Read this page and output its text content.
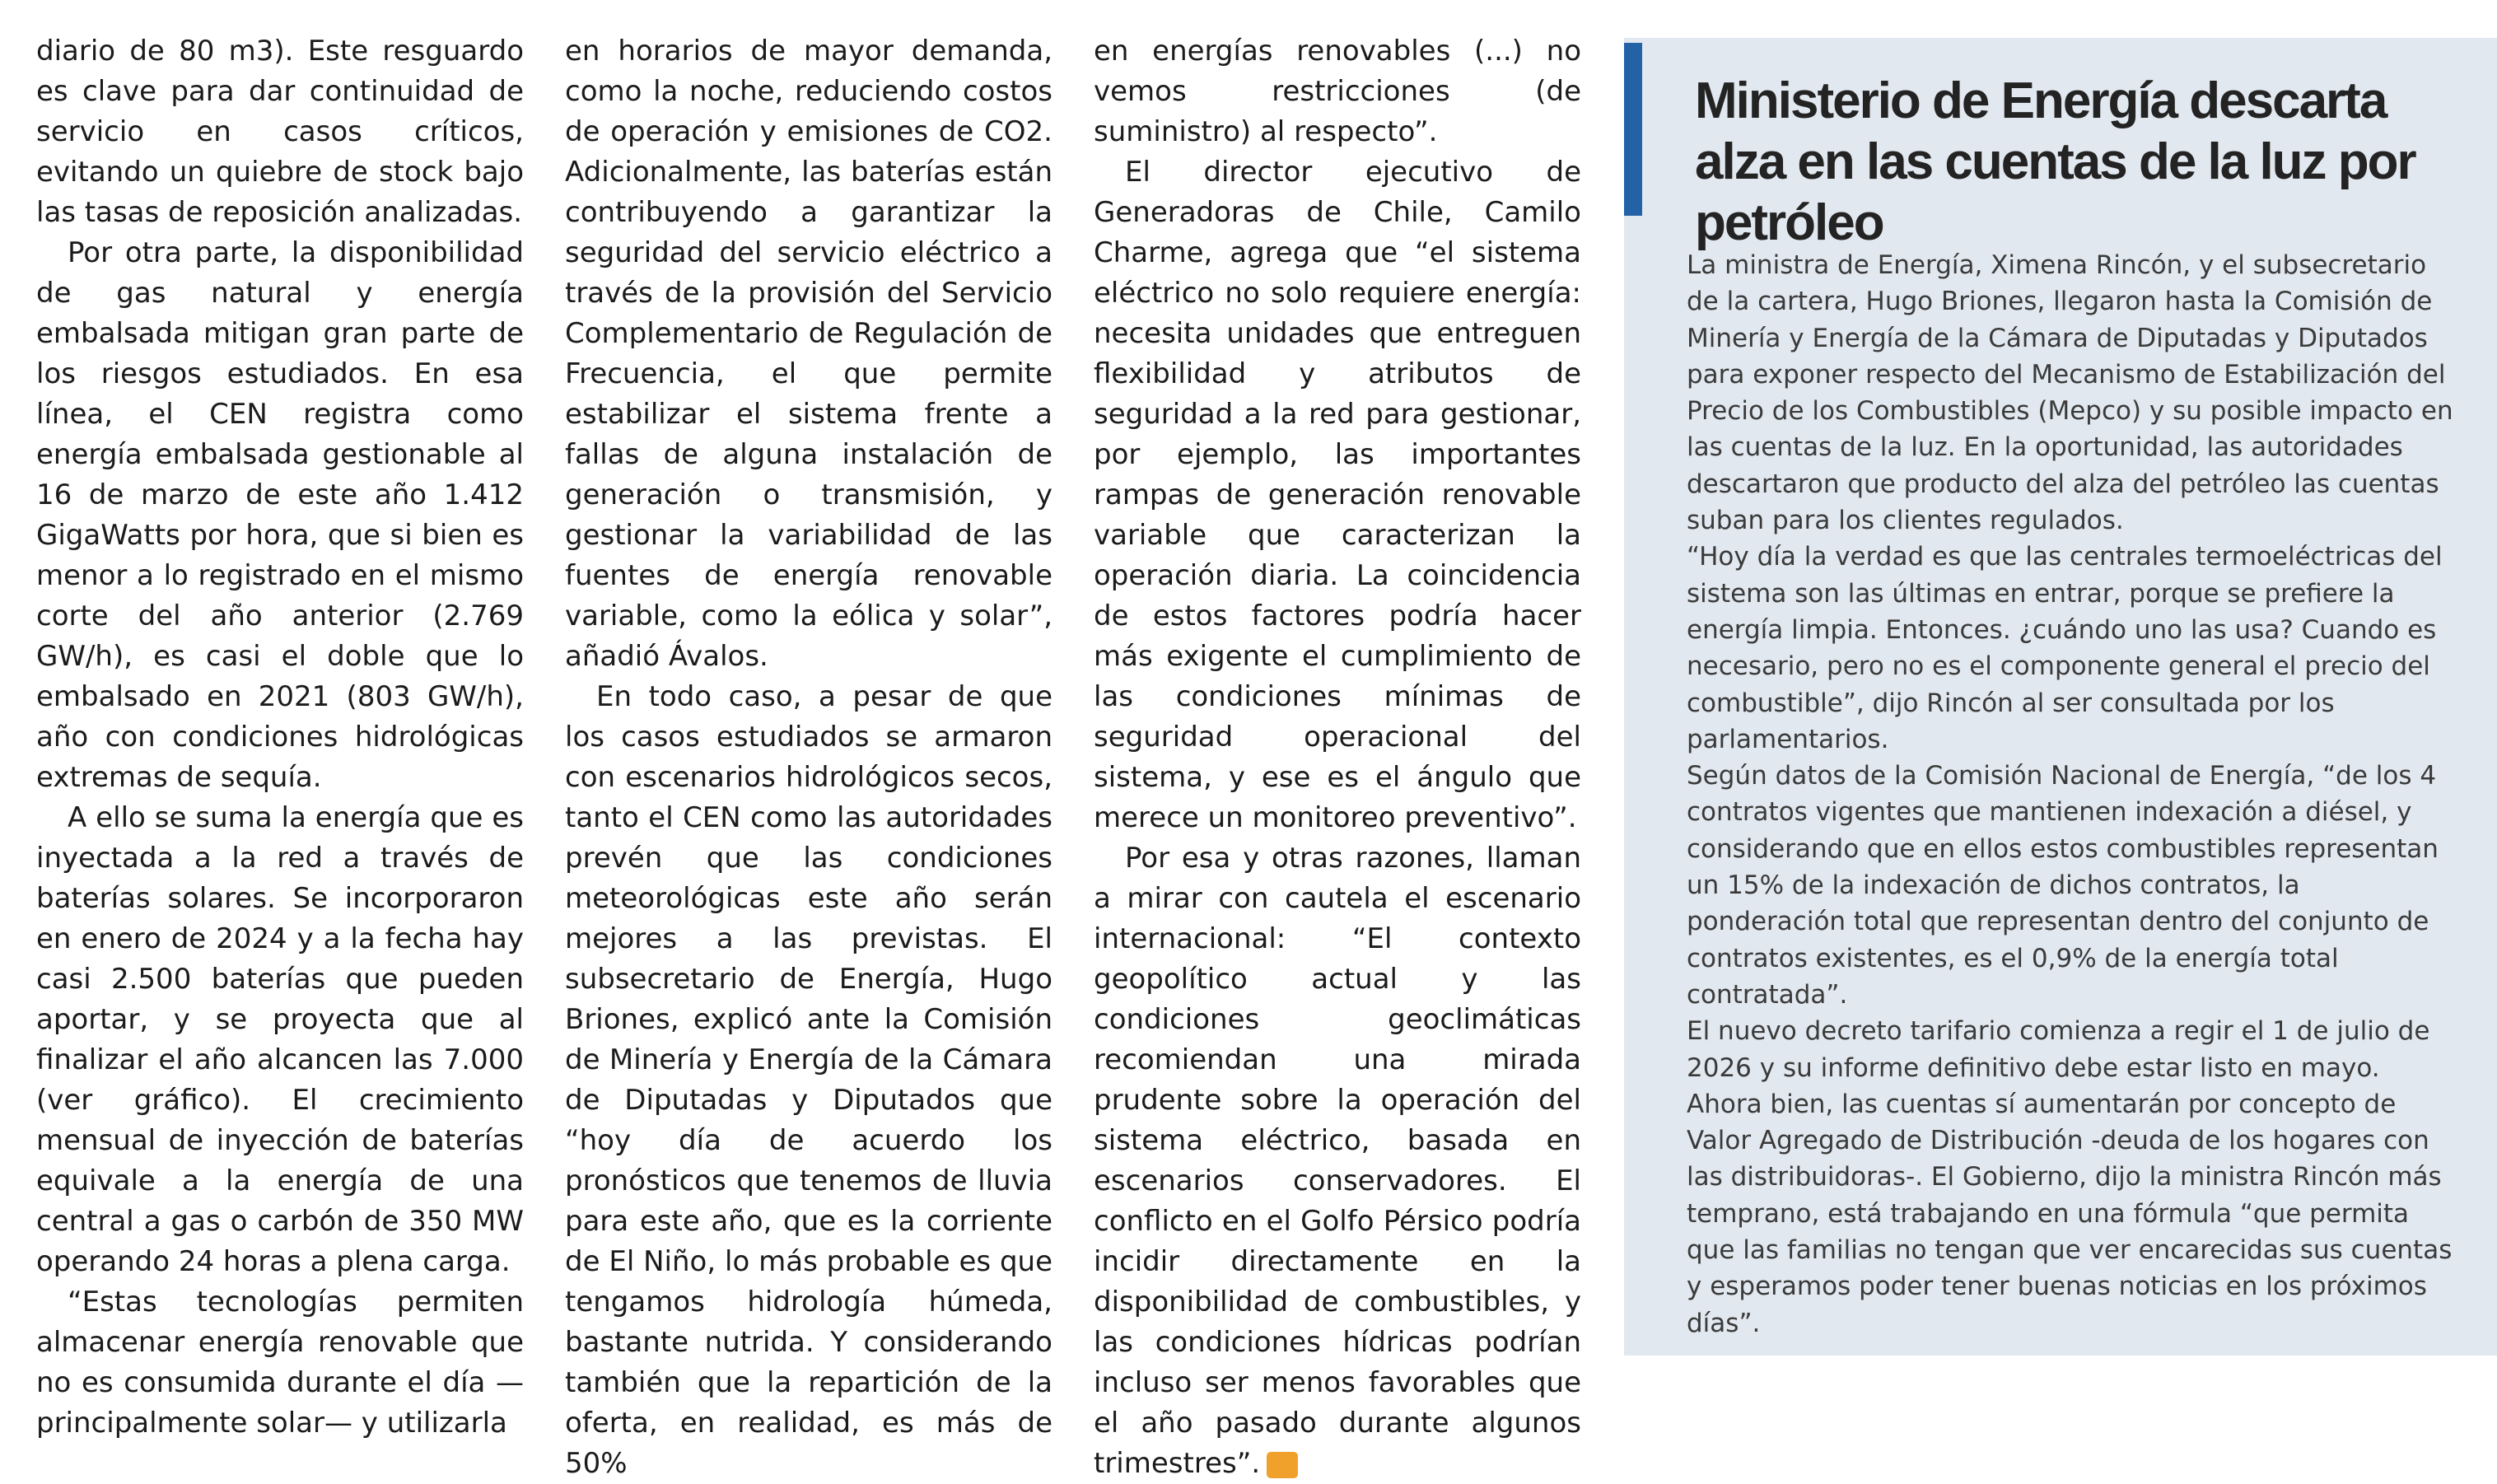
diario de 80 m3). Este resguardo es clave para dar continuidad de servicio en casos críticos, evitando un quiebre de stock bajo las tasas de reposición analizadas.

Por otra parte, la disponibilidad de gas natural y energía embalsada mitigan gran parte de los riesgos estudiados. En esa línea, el CEN registra como energía embalsada gestionable al 16 de marzo de este año 1.412 GigaWatts por hora, que si bien es menor a lo registrado en el mismo corte del año anterior (2.769 GW/h), es casi el doble que lo embalsado en 2021 (803 GW/h), año con condiciones hidrológicas extremas de sequía.

A ello se suma la energía que es inyectada a la red a través de baterías solares. Se incorporaron en enero de 2024 y a la fecha hay casi 2.500 baterías que pueden aportar, y se proyecta que al finalizar el año alcancen las 7.000 (ver gráfico). El crecimiento mensual de inyección de baterías equivale a la energía de una central a gas o carbón de 350 MW operando 24 horas a plena carga.

“Estas tecnologías permiten almacenar energía renovable que no es consumida durante el día — principalmente solar— y utilizarla

en horarios de mayor demanda, como la noche, reduciendo costos de operación y emisiones de CO2. Adicionalmente, las baterías están contribuyendo a garantizar la seguridad del servicio eléctrico a través de la provisión del Servicio Complementario de Regulación de Frecuencia, el que permite estabilizar el sistema frente a fallas de alguna instalación de generación o transmisión, y gestionar la variabilidad de las fuentes de energía renovable variable, como la eólica y solar”, añadió Ávalos.

En todo caso, a pesar de que los casos estudiados se armaron con escenarios hidrológicos secos, tanto el CEN como las autoridades prevén que las condiciones meteorológicas este año serán mejores a las previstas. El subsecretario de Energía, Hugo Briones, explicó ante la Comisión de Minería y Energía de la Cámara de Diputadas y Diputados que “hoy día de acuerdo los pronósticos que tenemos de lluvia para este año, que es la corriente de El Niño, lo más probable es que tengamos hidrología húmeda, bastante nutrida. Y considerando también que la repartición de la oferta, en realidad, es más de 50%

en energías renovables (...) no vemos restricciones (de suministro) al respecto”.

El director ejecutivo de Generadoras de Chile, Camilo Charme, agrega que “el sistema eléctrico no solo requiere energía: necesita unidades que entreguen flexibilidad y atributos de seguridad a la red para gestionar, por ejemplo, las importantes rampas de generación renovable variable que caracterizan la operación diaria. La coincidencia de estos factores podría hacer más exigente el cumplimiento de las condiciones mínimas de seguridad operacional del sistema, y ese es el ángulo que merece un monitoreo preventivo”.

Por esa y otras razones, llaman a mirar con cautela el escenario internacional: “El contexto geopolítico actual y las condiciones geoclimáticas recomiendan una mirada prudente sobre la operación del sistema eléctrico, basada en escenarios conservadores. El conflicto en el Golfo Pérsico podría incidir directamente en la disponibilidad de combustibles, y las condiciones hídricas podrían incluso ser menos favorables que el año pasado durante algunos trimestres”. S

Ministerio de Energía descarta alza en las cuentas de la luz por petróleo

La ministra de Energía, Ximena Rincón, y el subsecretario de la cartera, Hugo Briones, llegaron hasta la Comisión de Minería y Energía de la Cámara de Diputadas y Diputados para exponer respecto del Mecanismo de Estabilización del Precio de los Combustibles (Mepco) y su posible impacto en las cuentas de la luz. En la oportunidad, las autoridades descartaron que producto del alza del petróleo las cuentas suban para los clientes regulados.

“Hoy día la verdad es que las centrales termoeléctricas del sistema son las últimas en entrar, porque se prefiere la energía limpia. Entonces. ¿cuándo uno las usa? Cuando es necesario, pero no es el componente general el precio del combustible”, dijo Rincón al ser consultada por los parlamentarios.

Según datos de la Comisión Nacional de Energía, “de los 4 contratos vigentes que mantienen indexación a diésel, y considerando que en ellos estos combustibles representan un 15% de la indexación de dichos contratos, la ponderación total que representan dentro del conjunto de contratos existentes, es el 0,9% de la energía total contratada”.

El nuevo decreto tarifario comienza a regir el 1 de julio de 2026 y su informe definitivo debe estar listo en mayo. Ahora bien, las cuentas sí aumentarán por concepto de Valor Agregado de Distribución -deuda de los hogares con las distribuidoras-. El Gobierno, dijo la ministra Rincón más temprano, está trabajando en una fórmula “que permita que las familias no tengan que ver encarecidas sus cuentas y esperamos poder tener buenas noticias en los próximos días”.
